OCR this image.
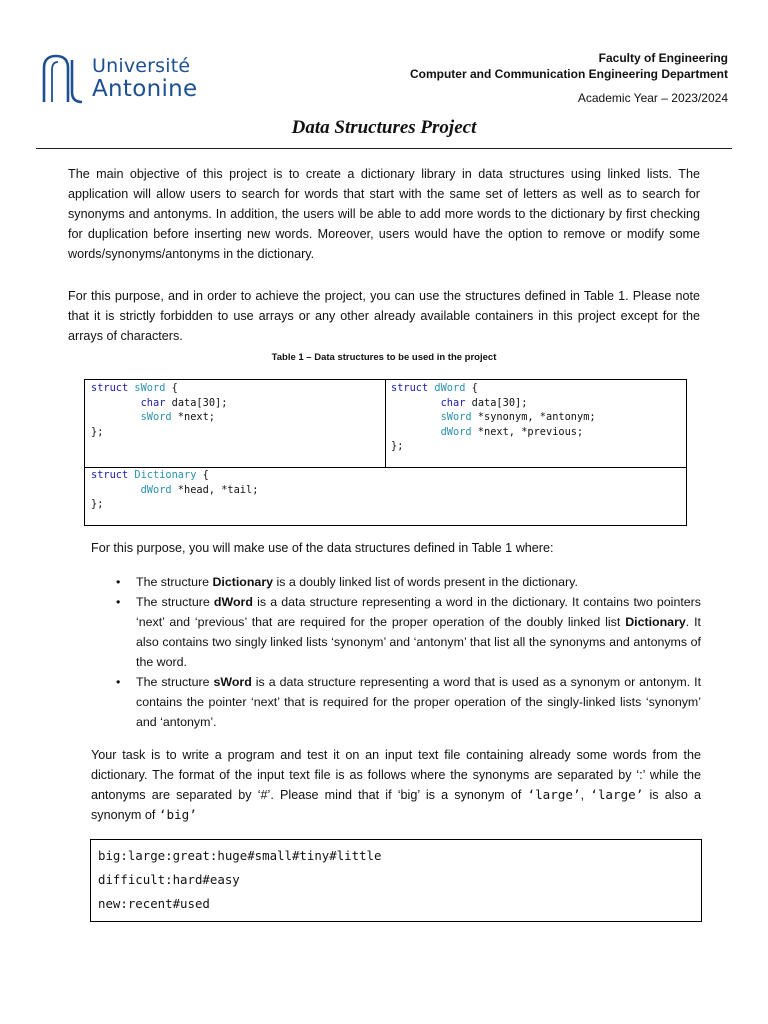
Université
Antonine
Faculty of Engineering
Computer and Communication Engineering Department
Academic Year – 2023/2024
Data Structures Project
The main objective of this project is to create a dictionary library in data structures using linked lists. The application will allow users to search for words that start with the same set of letters as well as to search for synonyms and antonyms. In addition, the users will be able to add more words to the dictionary by first checking for duplication before inserting new words. Moreover, users would have the option to remove or modify some words/synonyms/antonyms in the dictionary.
For this purpose, and in order to achieve the project, you can use the structures defined in Table 1. Please note that it is strictly forbidden to use arrays or any other already available containers in this project except for the arrays of characters.
Table 1 – Data structures to be used in the project
struct sWord {
char data[30];
sWord *next;
};
struct dWord {
char data[30];
sWord *synonym, *antonym;
dWord *next, *previous;
};
struct Dictionary {
dWord *head, *tail;
};
For this purpose, you will make use of the data structures defined in Table 1 where:
• The structure Dictionary is a doubly linked list of words present in the dictionary.
• The structure dWord is a data structure representing a word in the dictionary. It contains two pointers ‘next’ and ‘previous’ that are required for the proper operation of the doubly linked list Dictionary. It also contains two singly linked lists ‘synonym’ and ‘antonym’ that list all the synonyms and antonyms of the word.
• The structure sWord is a data structure representing a word that is used as a synonym or antonym. It contains the pointer ‘next’ that is required for the proper operation of the singly-linked lists ‘synonym’ and ‘antonym’.
Your task is to write a program and test it on an input text file containing already some words from the dictionary. The format of the input text file is as follows where the synonyms are separated by ‘:’ while the antonyms are separated by ‘#’. Please mind that if ‘big’ is a synonym of ‘large’, ‘large’ is also a synonym of ‘big’
big:large:great:huge#small#tiny#little
difficult:hard#easy
new:recent#used
